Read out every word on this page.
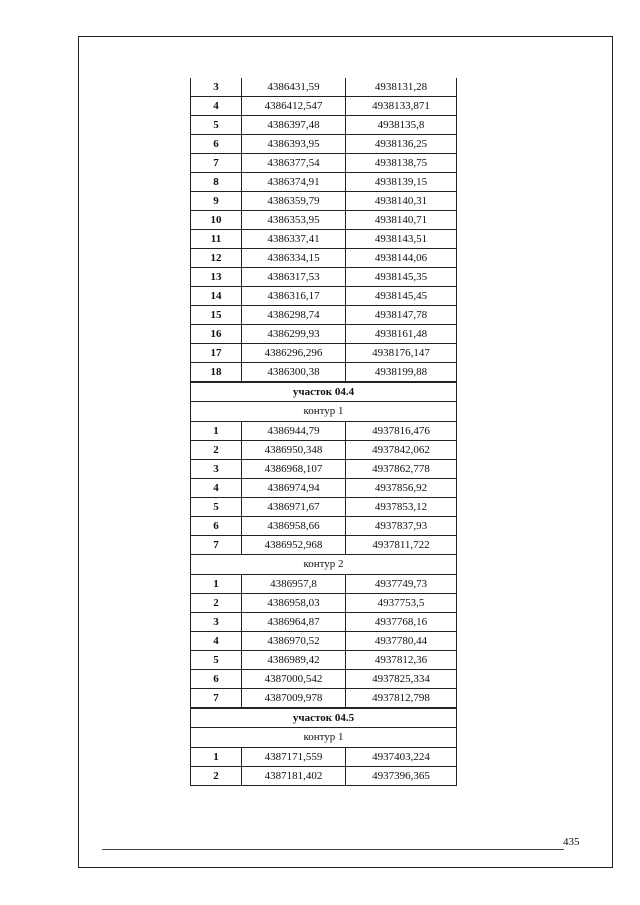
3	4386431,59	4938131,28
4	4386412,547	4938133,871
5	4386397,48	4938135,8
6	4386393,95	4938136,25
7	4386377,54	4938138,75
8	4386374,91	4938139,15
9	4386359,79	4938140,31
10	4386353,95	4938140,71
11	4386337,41	4938143,51
12	4386334,15	4938144,06
13	4386317,53	4938145,35
14	4386316,17	4938145,45
15	4386298,74	4938147,78
16	4386299,93	4938161,48
17	4386296,296	4938176,147
18	4386300,38	4938199,88
участок 04.4
контур 1
1	4386944,79	4937816,476
2	4386950,348	4937842,062
3	4386968,107	4937862,778
4	4386974,94	4937856,92
5	4386971,67	4937853,12
6	4386958,66	4937837,93
7	4386952,968	4937811,722
контур 2
1	4386957,8	4937749,73
2	4386958,03	4937753,5
3	4386964,87	4937768,16
4	4386970,52	4937780,44
5	4386989,42	4937812,36
6	4387000,542	4937825,334
7	4387009,978	4937812,798
участок 04.5
контур 1
1	4387171,559	4937403,224
2	4387181,402	4937396,365
435
